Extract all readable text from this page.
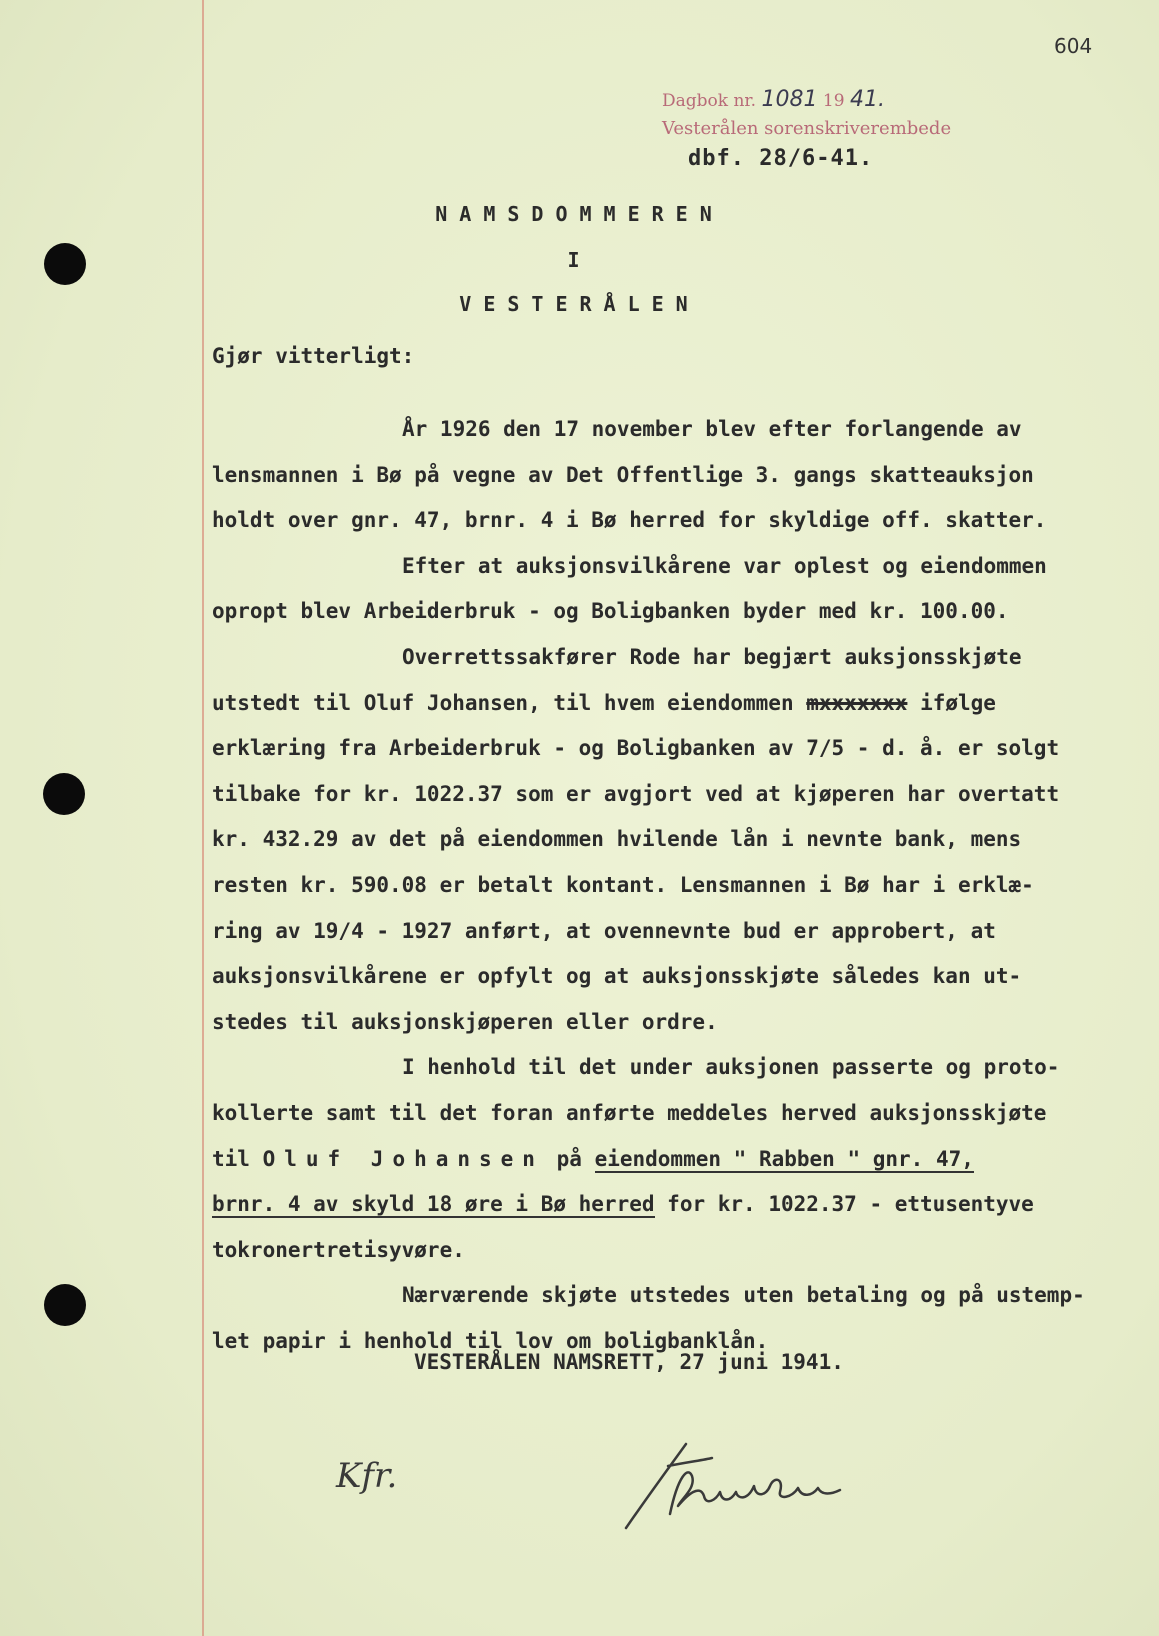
604
Dagbok nr. 1081 19 41.
Vesterålen sorenskriverembede
dbf. 28/6-41.
NAMSDOMMEREN
I
VESTERÅLEN
Gjør vitterligt:
År 1926 den 17 november blev efter forlangende av
lensmannen i Bø på vegne av Det Offentlige 3. gangs skatteauksjon
holdt over gnr. 47, brnr. 4 i Bø herred for skyldige off. skatter.
Efter at auksjonsvilkårene var oplest og eiendommen
opropt blev Arbeiderbruk - og Boligbanken byder med kr. 100.00.
Overrettssakfører Rode har begjært auksjonsskjøte
utstedt til Oluf Johansen, til hvem eiendommen mxxxxxxx ifølge
erklæring fra Arbeiderbruk - og Boligbanken av 7/5 - d. å. er solgt
tilbake for kr. 1022.37 som er avgjort ved at kjøperen har overtatt
kr. 432.29 av det på eiendommen hvilende lån i nevnte bank, mens
resten kr. 590.08 er betalt kontant. Lensmannen i Bø har i erklæ-
ring av 19/4 - 1927 anført, at ovennevnte bud er approbert, at
auksjonsvilkårene er opfylt og at auksjonsskjøte således kan ut-
stedes til auksjonskjøperen eller ordre.
I henhold til det under auksjonen passerte og proto-
kollerte samt til det foran anførte meddeles herved auksjonsskjøte
til Oluf Johansen på eiendommen " Rabben " gnr. 47,
brnr. 4 av skyld 18 øre i Bø herred for kr. 1022.37 - ettusentyve
tokronertretisyvøre.
Nærværende skjøte utstedes uten betaling og på ustemp-
let papir i henhold til lov om boligbanklån.
VESTERÅLEN NAMSRETT, 27 juni 1941.
Kfr.
